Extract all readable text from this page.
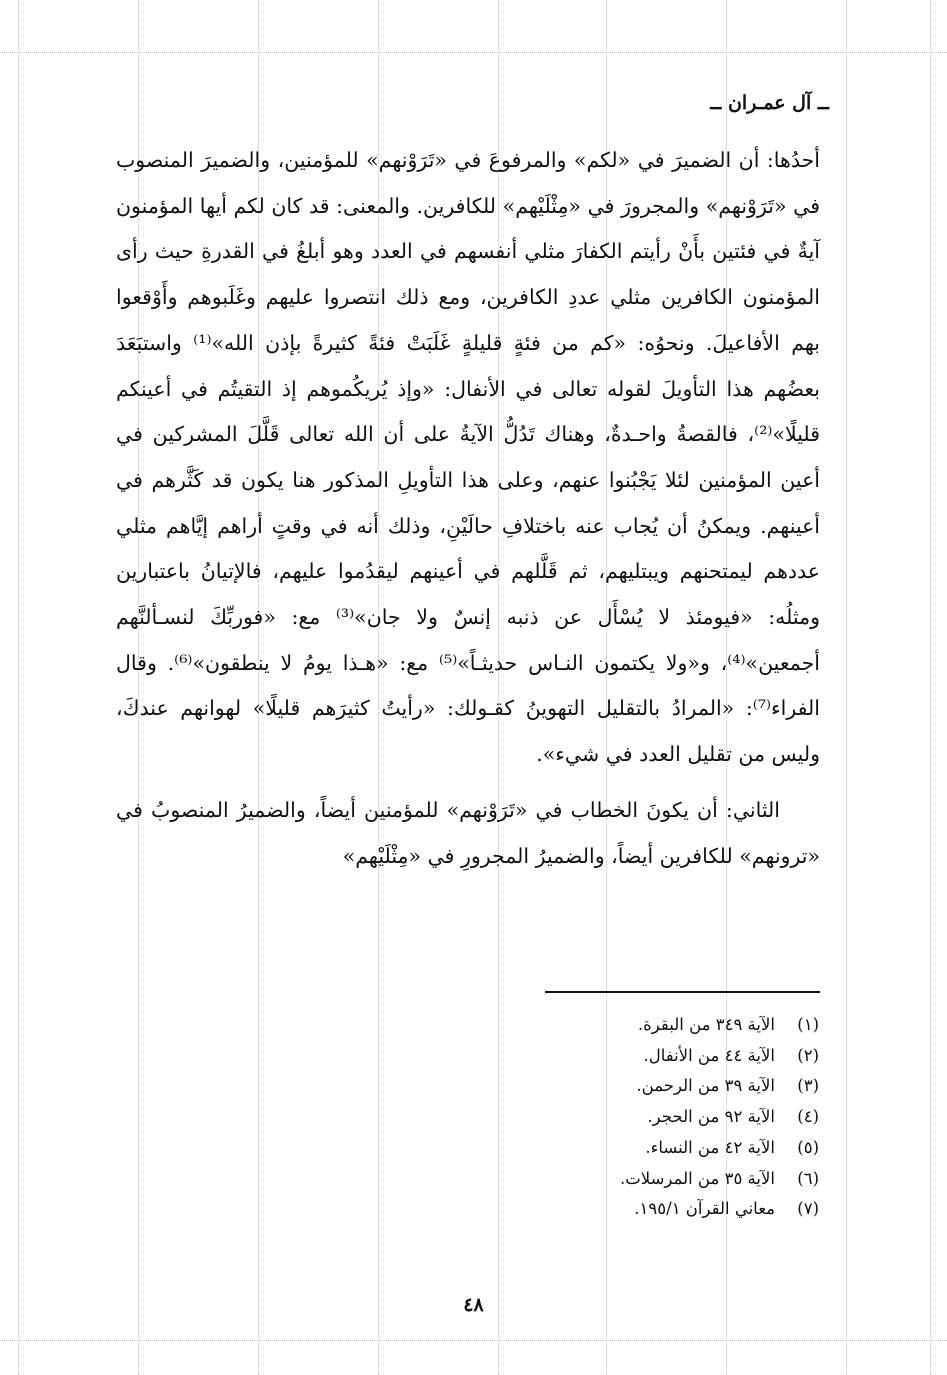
ــ آل عمـران ــ

أحدُها: أن الضميرَ في «لكم» والمرفوعَ في «تَرَوْنهم» للمؤمنين، والضميرَ المنصوب في «تَرَوْنهم» والمجرورَ في «مِثْلَيْهم» للكافرين. والمعنى: قد كان لكم أيها المؤمنون آيةٌ في فئتين بأَنْ رأيتم الكفارَ مثلي أنفسهم في العدد وهو أبلغُ في القدرةِ حيث رأى المؤمنون الكافرين مثلي عددِ الكافرين، ومع ذلك انتصروا عليهم وغَلَبوهم وأَوْقعوا بهم الأفاعيلَ. ونحوُه: «كم من فئةٍ قليلةٍ غَلَبَتْ فئةً كثيرةً بإذن الله»⁽¹⁾ واستبَعَدَ بعضُهم هذا التأويلَ لقوله تعالى في الأنفال: «وإذ يُريكُموهم إذ التقيتُم في أعينكم قليلًا»⁽²⁾، فالقصةُ واحـدةٌ، وهناك تَدُلُّ الآيةُ على أن الله تعالى قَلَّلَ المشركين في أعين المؤمنين لئلا يَجْبُنوا عنهم، وعلى هذا التأويلِ المذكور هنا يكون قد كَثَّرهم في أعينهم. ويمكنُ أن يُجاب عنه باختلافِ حالَيْنِ، وذلك أنه في وقتٍ أراهم إيَّاهم مثلي عددهم ليمتحنهم ويبتليهم، ثم قَلَّلهم في أعينهم ليقدُموا عليهم، فالإتيانُ باعتبارين ومثلُه: «فيومئذ لا يُسْأَل عن ذنبه إنسٌ ولا جان»⁽³⁾ مع: «فوربِّكَ لنسـألنَّهم أجمعين»⁽⁴⁾، و«ولا يكتمون النـاس حديثـاً»⁽⁵⁾ مع: «هـذا يومُ لا ينطقون»⁽⁶⁾. وقال الفراء⁽⁷⁾: «المرادُ بالتقليل التهوينُ كقـولك: «رأيتُ كثيرَهم قليلًا» لهوانهم عندكَ، وليس من تقليل العدد في شيء».

الثاني: أن يكونَ الخطاب في «تَرَوْنهم» للمؤمنين أيضاً، والضميرُ المنصوبُ في «ترونهم» للكافرين أيضاً، والضميرُ المجرورِ في «مِثْلَيْهم»

(١)
الآية ٣٤٩ من البقرة.
(٢)
الآية ٤٤ من الأنفال.
(٣)
الآية ٣٩ من الرحمن.
(٤)
الآية ٩٢ من الحجر.
(٥)
الآية ٤٢ من النساء.
(٦)
الآية ٣٥ من المرسلات.
(٧)
معاني القرآن ١٩٥/١.
٤٨
